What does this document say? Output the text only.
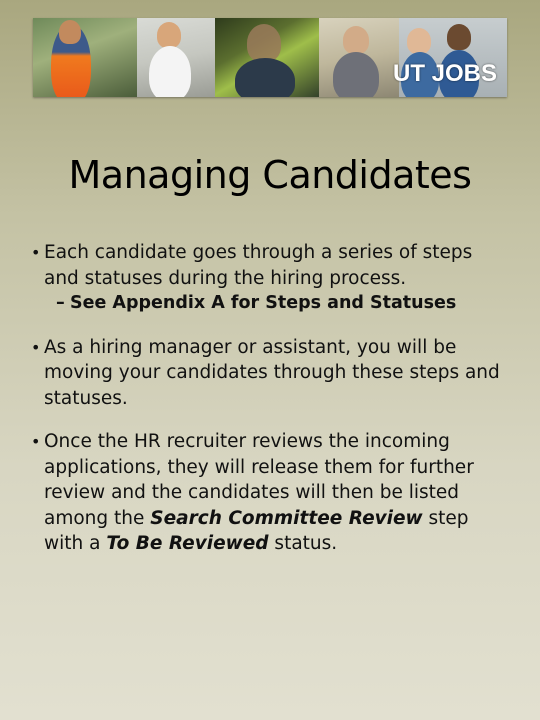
UT JOBS
Managing Candidates
• Each candidate goes through a series of steps and statuses during the hiring process.
– See Appendix A for Steps and Statuses
• As a hiring manager or assistant, you will be moving your candidates through these steps and statuses.
• Once the HR recruiter reviews the incoming applications, they will release them for further review and the candidates will then be listed among the Search Committee Review step with a To Be Reviewed status.
